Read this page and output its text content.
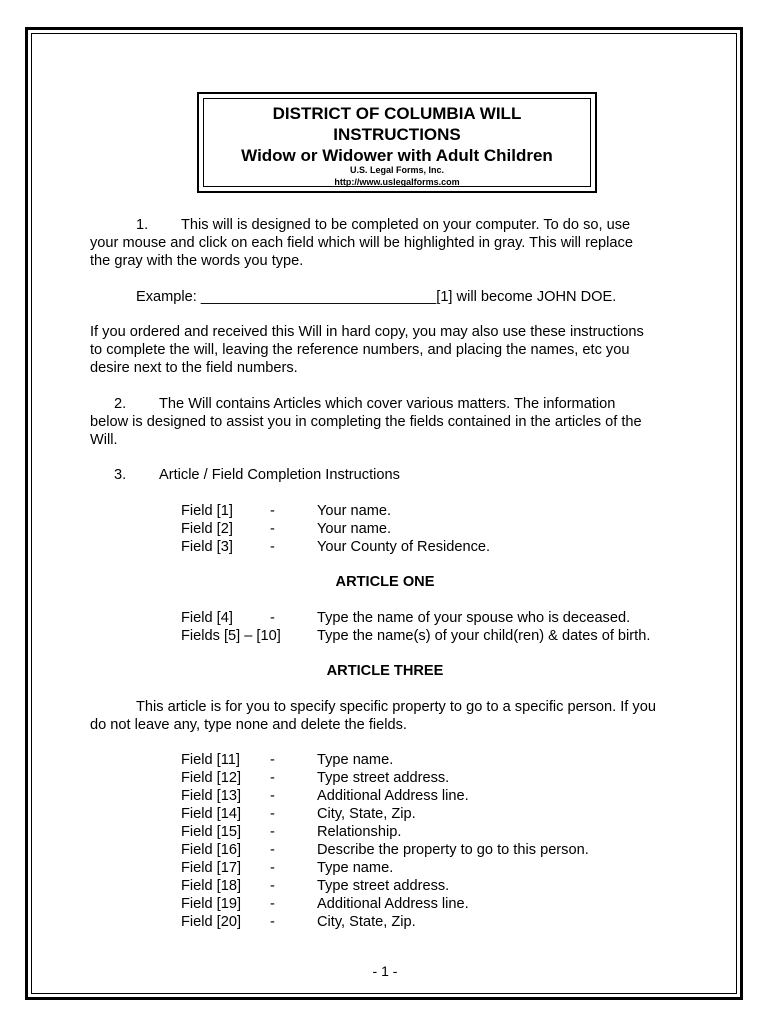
DISTRICT OF COLUMBIA WILL
INSTRUCTIONS
Widow or Widower with Adult Children
U.S. Legal Forms, Inc.
http://www.uslegalforms.com
1. This will is designed to be completed on your computer. To do so, use
your mouse and click on each field which will be highlighted in gray. This will replace
the gray with the words you type.
Example: _____________________________[1] will become JOHN DOE.
If you ordered and received this Will in hard copy, you may also use these instructions
to complete the will, leaving the reference numbers, and placing the names, etc you
desire next to the field numbers.
2. The Will contains Articles which cover various matters. The information
below is designed to assist you in completing the fields contained in the articles of the
Will.
3. Article / Field Completion Instructions
Field [1]	-	Your name.
Field [2]	-	Your name.
Field [3]	-	Your County of Residence.
ARTICLE ONE
Field [4]	-	Type the name of your spouse who is deceased.
Fields [5] – [10] Type the name(s) of your child(ren) & dates of birth.
ARTICLE THREE
This article is for you to specify specific property to go to a specific person. If you
do not leave any, type none and delete the fields.
Field [11] -	Type name.
Field [12] -	Type street address.
Field [13] -	Additional Address line.
Field [14] -	City, State, Zip.
Field [15] -	Relationship.
Field [16] -	Describe the property to go to this person.
Field [17] -	Type name.
Field [18] -	Type street address.
Field [19] -	Additional Address line.
Field [20] -	City, State, Zip.
- 1 -
